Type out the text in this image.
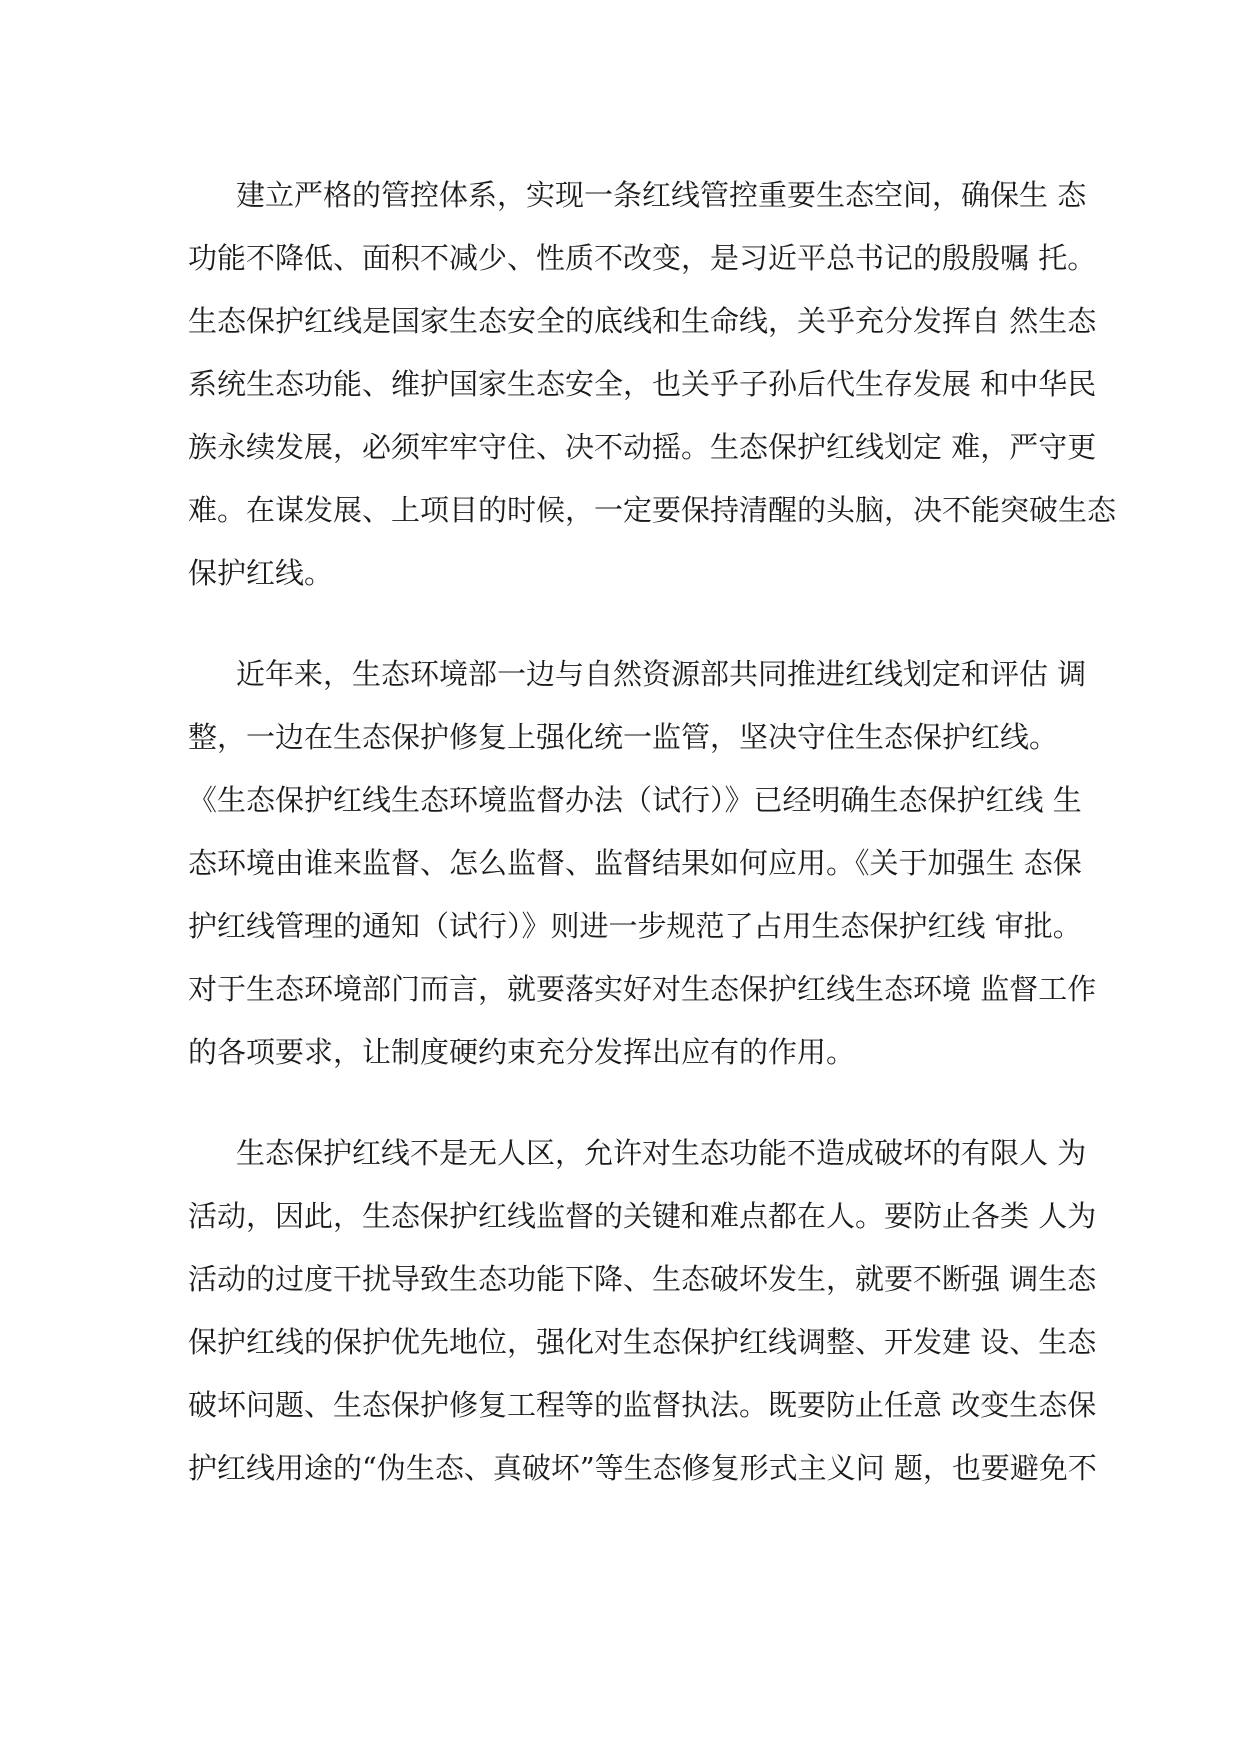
建立严格的管控体系，实现一条红线管控重要生态空间，确保生 态
功能不降低、面积不减少、性质不改变，是习近平总书记的殷殷嘱 托。
生态保护红线是国家生态安全的底线和生命线，关乎充分发挥自 然生态
系统生态功能、维护国家生态安全，也关乎子孙后代生存发展 和中华民
族永续发展，必须牢牢守住、决不动摇。生态保护红线划定 难，严守更
难。在谋发展、上项目的时候，一定要保持清醒的头脑，决不能突破生态
保护红线。
近年来，生态环境部一边与自然资源部共同推进红线划定和评估 调
整，一边在生态保护修复上强化统一监管，坚决守住生态保护红线。
《生态保护红线生态环境监督办法（试行）》已经明确生态保护红线 生
态环境由谁来监督、怎么监督、监督结果如何应用。《关于加强生 态保
护红线管理的通知（试行）》则进一步规范了占用生态保护红线 审批。
对于生态环境部门而言，就要落实好对生态保护红线生态环境 监督工作
的各项要求，让制度硬约束充分发挥出应有的作用。
生态保护红线不是无人区，允许对生态功能不造成破坏的有限人 为
活动，因此，生态保护红线监督的关键和难点都在人。要防止各类 人为
活动的过度干扰导致生态功能下降、生态破坏发生，就要不断强 调生态
保护红线的保护优先地位，强化对生态保护红线调整、开发建 设、生态
破坏问题、生态保护修复工程等的监督执法。既要防止任意 改变生态保
护红线用途的“伪生态、真破坏”等生态修复形式主义问 题，也要避免不
